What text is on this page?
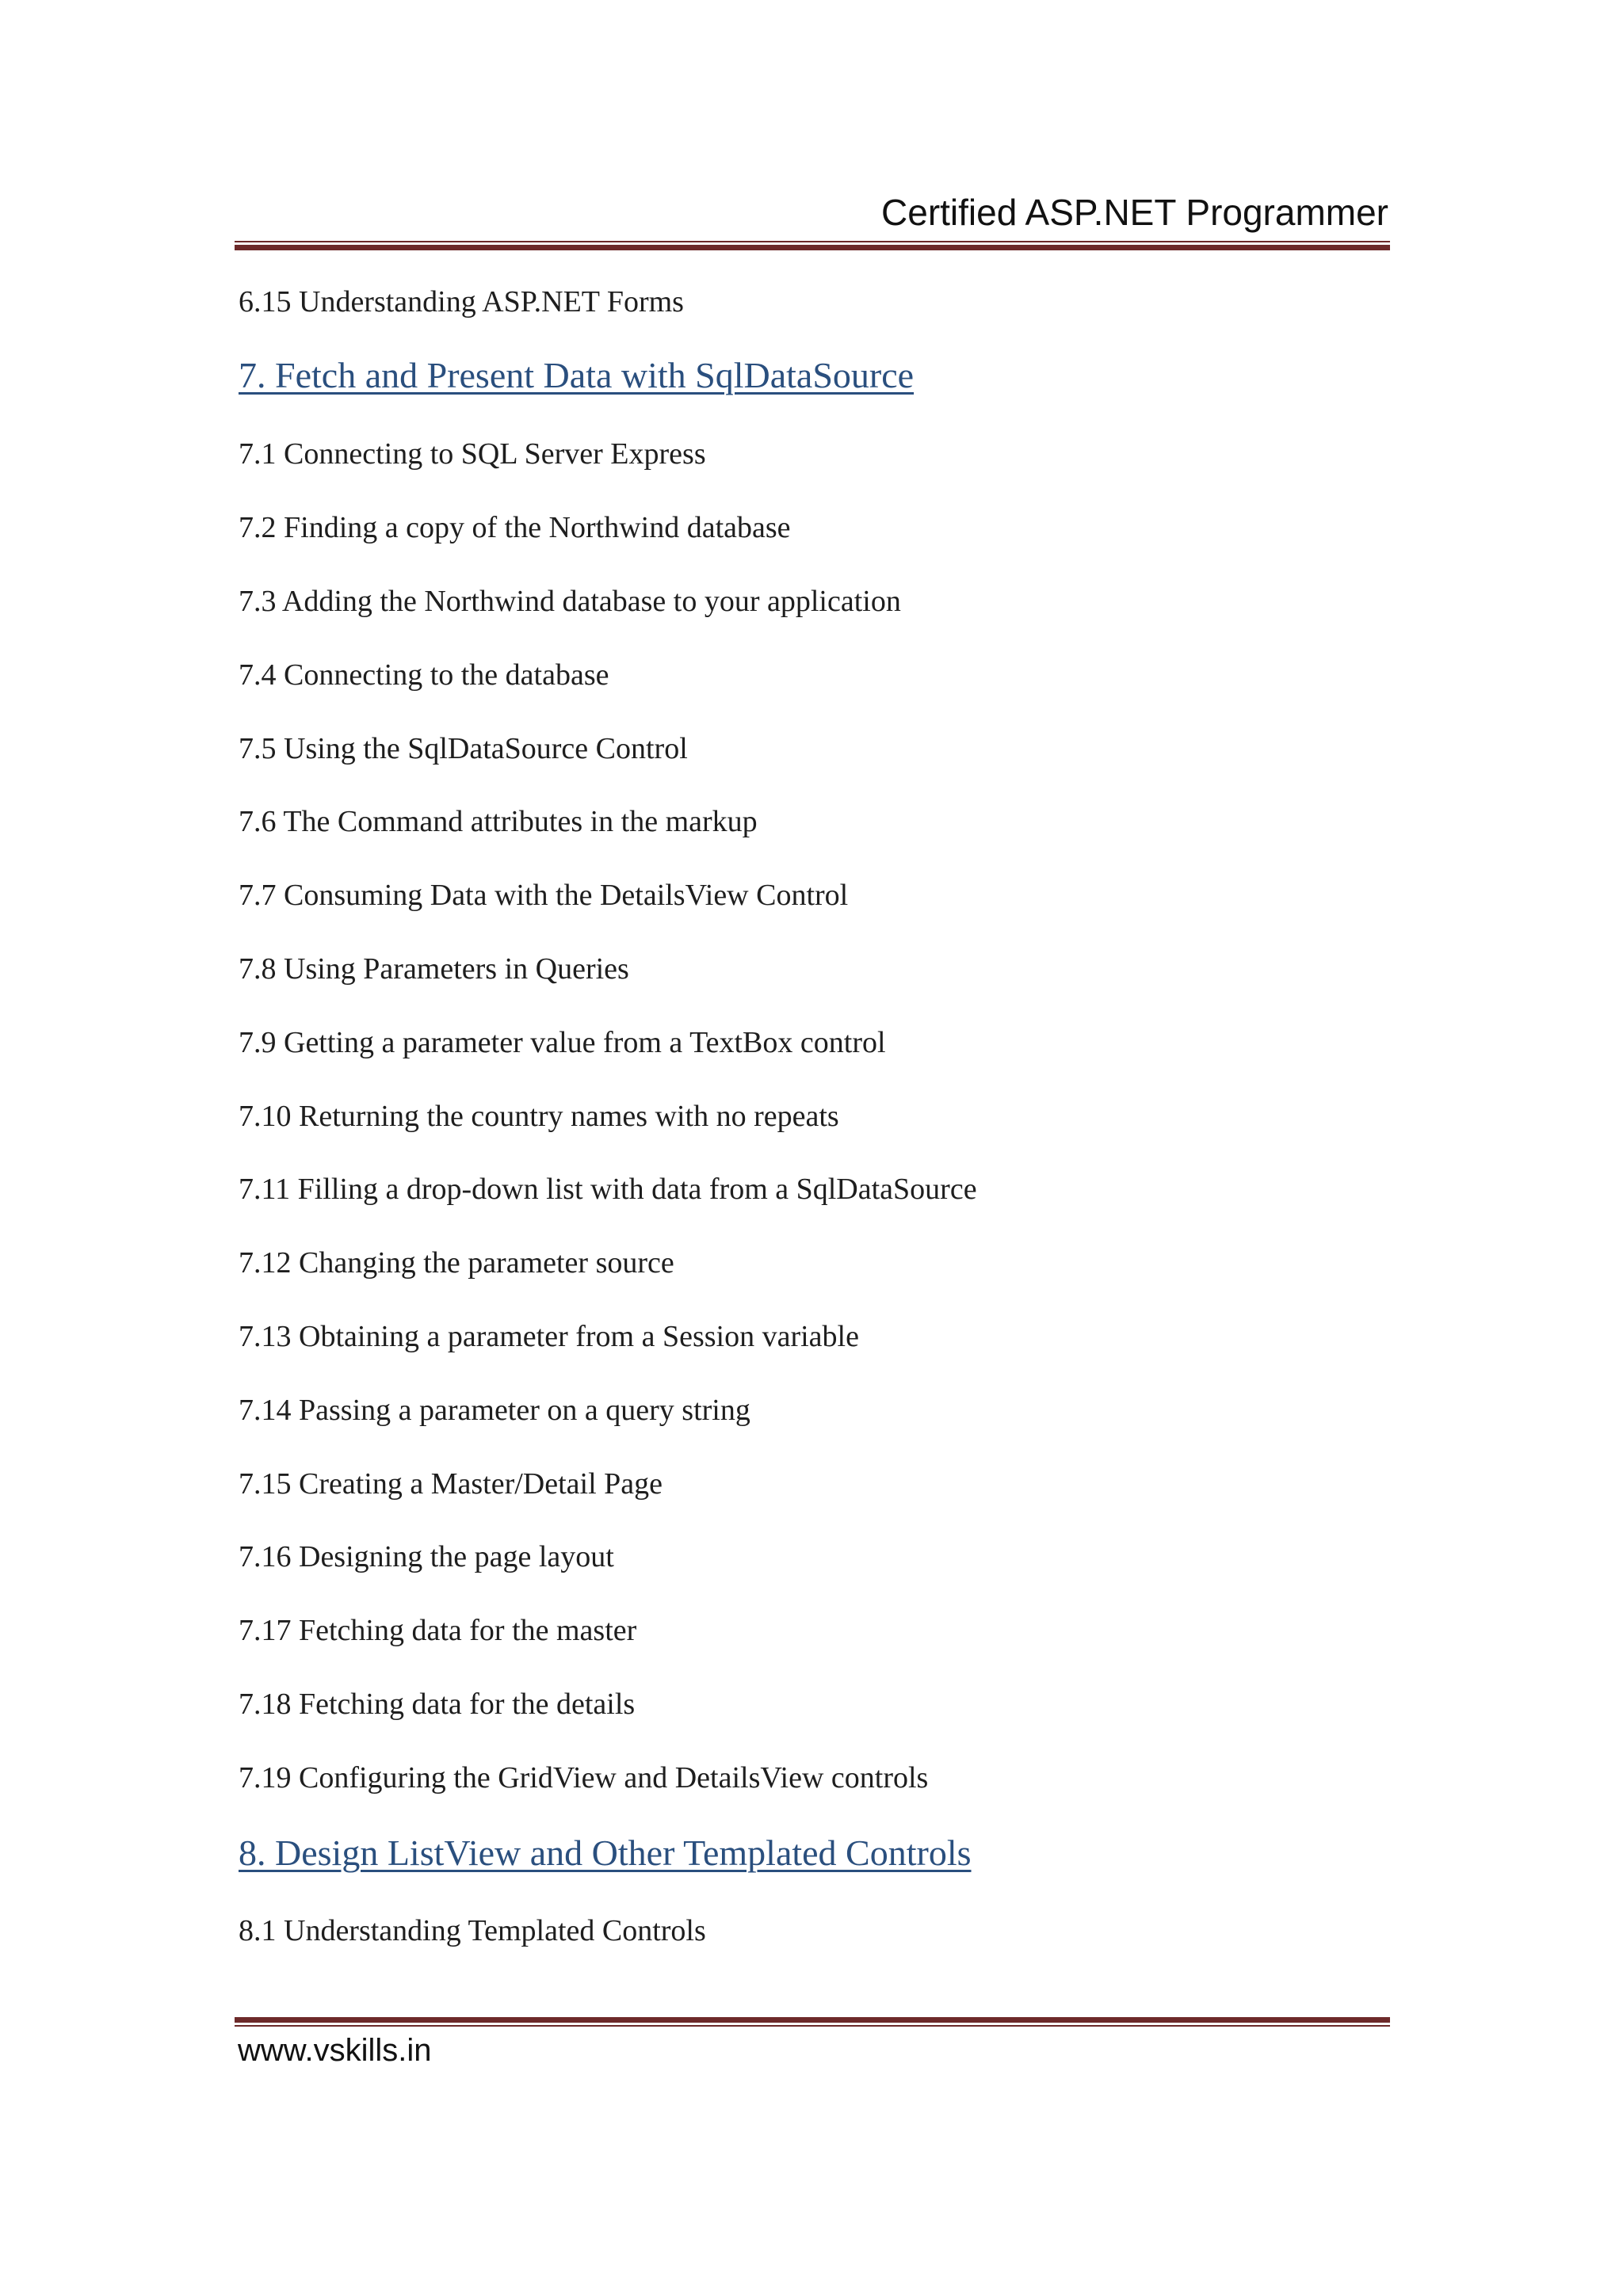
Certified ASP.NET Programmer
6.15 Understanding ASP.NET Forms
7. Fetch and Present Data with SqlDataSource
7.1 Connecting to SQL Server Express
7.2 Finding a copy of the Northwind database
7.3 Adding the Northwind database to your application
7.4 Connecting to the database
7.5 Using the SqlDataSource Control
7.6 The Command attributes in the markup
7.7 Consuming Data with the DetailsView Control
7.8 Using Parameters in Queries
7.9 Getting a parameter value from a TextBox control
7.10 Returning the country names with no repeats
7.11 Filling a drop-down list with data from a SqlDataSource
7.12 Changing the parameter source
7.13 Obtaining a parameter from a Session variable
7.14 Passing a parameter on a query string
7.15 Creating a Master/Detail Page
7.16 Designing the page layout
7.17 Fetching data for the master
7.18 Fetching data for the details
7.19 Configuring the GridView and DetailsView controls
8. Design ListView and Other Templated Controls
8.1 Understanding Templated Controls
www.vskills.in
